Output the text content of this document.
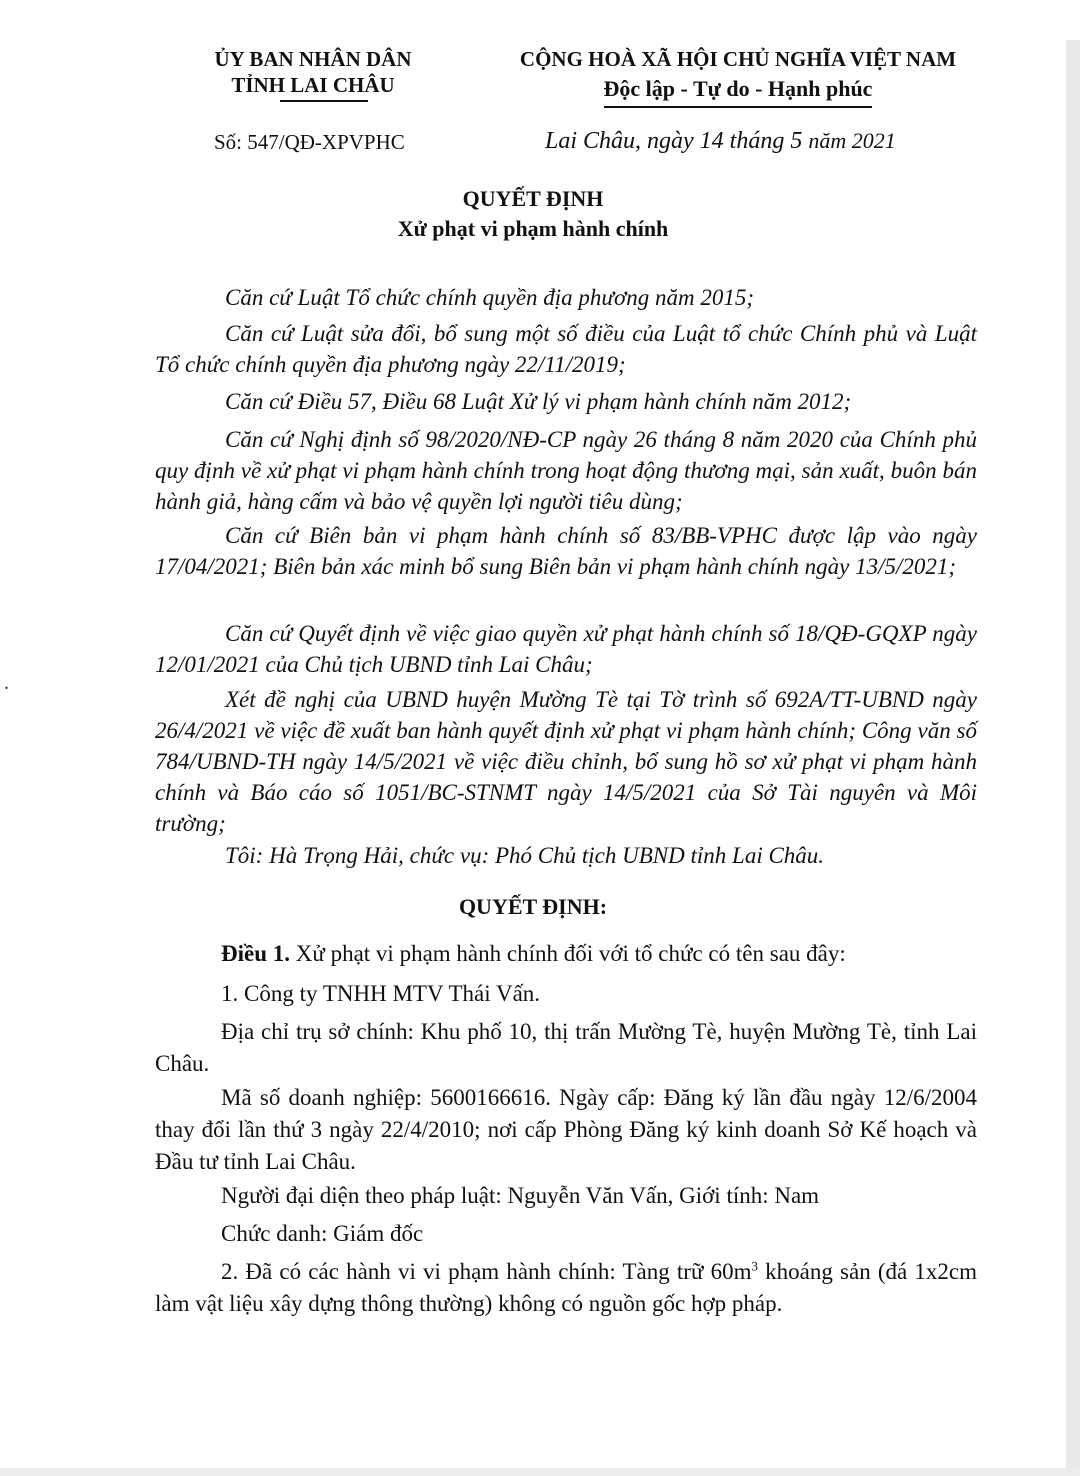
.
ỦY BAN NHÂN DÂN
TỈNH LAI CHÂU
CỘNG HOÀ XÃ HỘI CHỦ NGHĨA VIỆT NAM
Độc lập - Tự do - Hạnh phúc
Số: 547/QĐ-XPVPHC	Lai Châu, ngày 14 tháng 5 năm 2021
QUYẾT ĐỊNH
Xử phạt vi phạm hành chính
Căn cứ Luật Tổ chức chính quyền địa phương năm 2015;
Căn cứ Luật sửa đổi, bổ sung một số điều của Luật tổ chức Chính phủ và Luật Tổ chức chính quyền địa phương ngày 22/11/2019;
Căn cứ Điều 57, Điều 68 Luật Xử lý vi phạm hành chính năm 2012;
Căn cứ Nghị định số 98/2020/NĐ-CP ngày 26 tháng 8 năm 2020 của Chính phủ quy định về xử phạt vi phạm hành chính trong hoạt động thương mại, sản xuất, buôn bán hành giả, hàng cấm và bảo vệ quyền lợi người tiêu dùng;
Căn cứ Biên bản vi phạm hành chính số 83/BB-VPHC được lập vào ngày 17/04/2021; Biên bản xác minh bổ sung Biên bản vi phạm hành chính ngày 13/5/2021;
Căn cứ Quyết định về việc giao quyền xử phạt hành chính số 18/QĐ-GQXP ngày 12/01/2021 của Chủ tịch UBND tỉnh Lai Châu;
Xét đề nghị của UBND huyện Mường Tè tại Tờ trình số 692A/TT-UBND ngày 26/4/2021 về việc đề xuất ban hành quyết định xử phạt vi phạm hành chính; Công văn số 784/UBND-TH ngày 14/5/2021 về việc điều chỉnh, bổ sung hồ sơ xử phạt vi phạm hành chính và Báo cáo số 1051/BC-STNMT ngày 14/5/2021 của Sở Tài nguyên và Môi trường;
Tôi: Hà Trọng Hải, chức vụ: Phó Chủ tịch UBND tỉnh Lai Châu.
QUYẾT ĐỊNH:
Điều 1. Xử phạt vi phạm hành chính đối với tổ chức có tên sau đây:
1. Công ty TNHH MTV Thái Vấn.
Địa chỉ trụ sở chính: Khu phố 10, thị trấn Mường Tè, huyện Mường Tè, tỉnh Lai Châu.
Mã số doanh nghiệp: 5600166616. Ngày cấp: Đăng ký lần đầu ngày 12/6/2004 thay đổi lần thứ 3 ngày 22/4/2010; nơi cấp Phòng Đăng ký kinh doanh Sở Kế hoạch và Đầu tư tỉnh Lai Châu.
Người đại diện theo pháp luật: Nguyễn Văn Vấn, Giới tính: Nam
Chức danh: Giám đốc
2. Đã có các hành vi vi phạm hành chính: Tàng trữ $60m^3$ khoáng sản (đá 1x2cm làm vật liệu xây dựng thông thường) không có nguồn gốc hợp pháp.
